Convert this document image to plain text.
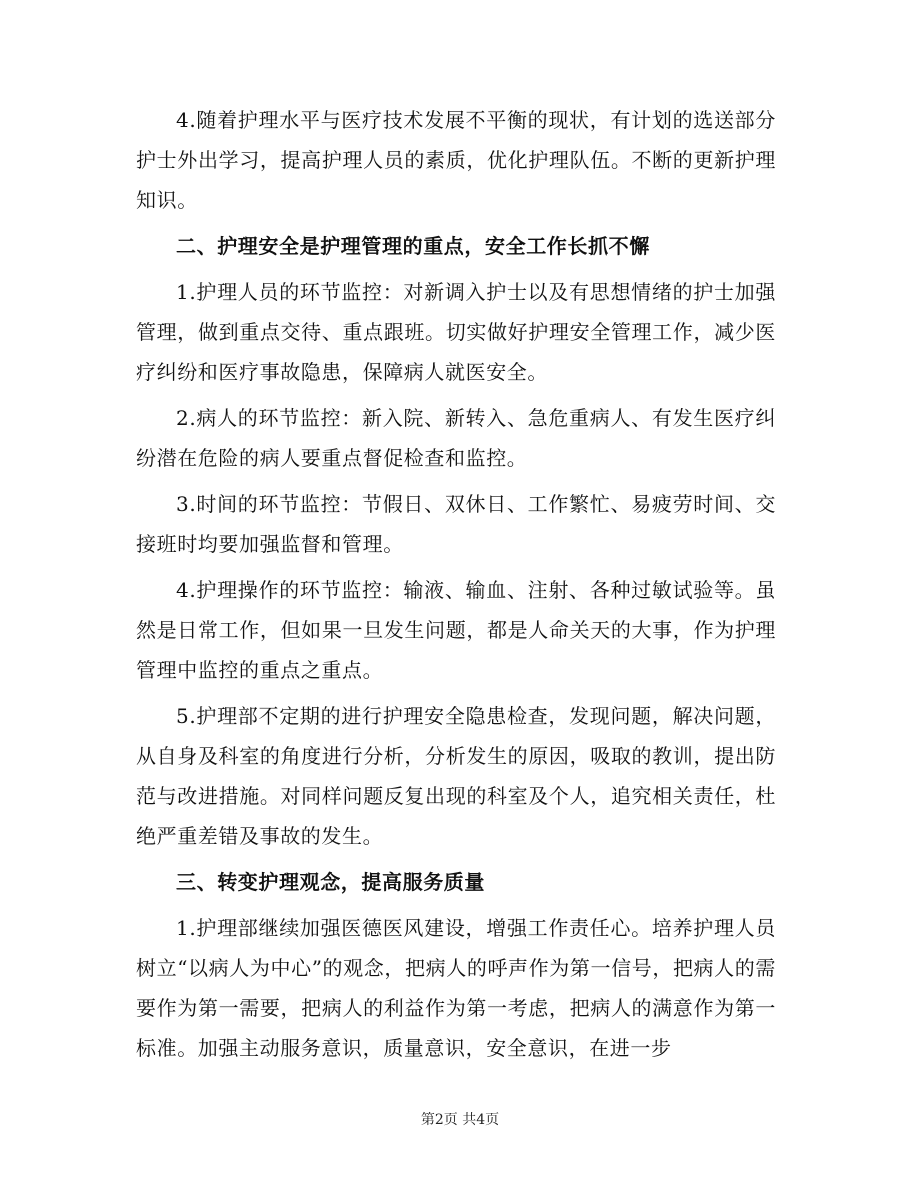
4.随着护理水平与医疗技术发展不平衡的现状，有计划的选送部分护士外出学习，提高护理人员的素质，优化护理队伍。不断的更新护理知识。

二、护理安全是护理管理的重点，安全工作长抓不懈

1.护理人员的环节监控：对新调入护士以及有思想情绪的护士加强管理，做到重点交待、重点跟班。切实做好护理安全管理工作，减少医疗纠纷和医疗事故隐患，保障病人就医安全。

2.病人的环节监控：新入院、新转入、急危重病人、有发生医疗纠纷潜在危险的病人要重点督促检查和监控。

3.时间的环节监控：节假日、双休日、工作繁忙、易疲劳时间、交接班时均要加强监督和管理。

4.护理操作的环节监控：输液、输血、注射、各种过敏试验等。虽然是日常工作，但如果一旦发生问题，都是人命关天的大事，作为护理管理中监控的重点之重点。

5.护理部不定期的进行护理安全隐患检查，发现问题，解决问题，从自身及科室的角度进行分析，分析发生的原因，吸取的教训，提出防范与改进措施。对同样问题反复出现的科室及个人，追究相关责任，杜绝严重差错及事故的发生。

三、转变护理观念，提高服务质量

1.护理部继续加强医德医风建设，增强工作责任心。培养护理人员树立“以病人为中心”的观念，把病人的呼声作为第一信号，把病人的需要作为第一需要，把病人的利益作为第一考虑，把病人的满意作为第一标准。加强主动服务意识，质量意识，安全意识，在进一步

第2页 共4页
